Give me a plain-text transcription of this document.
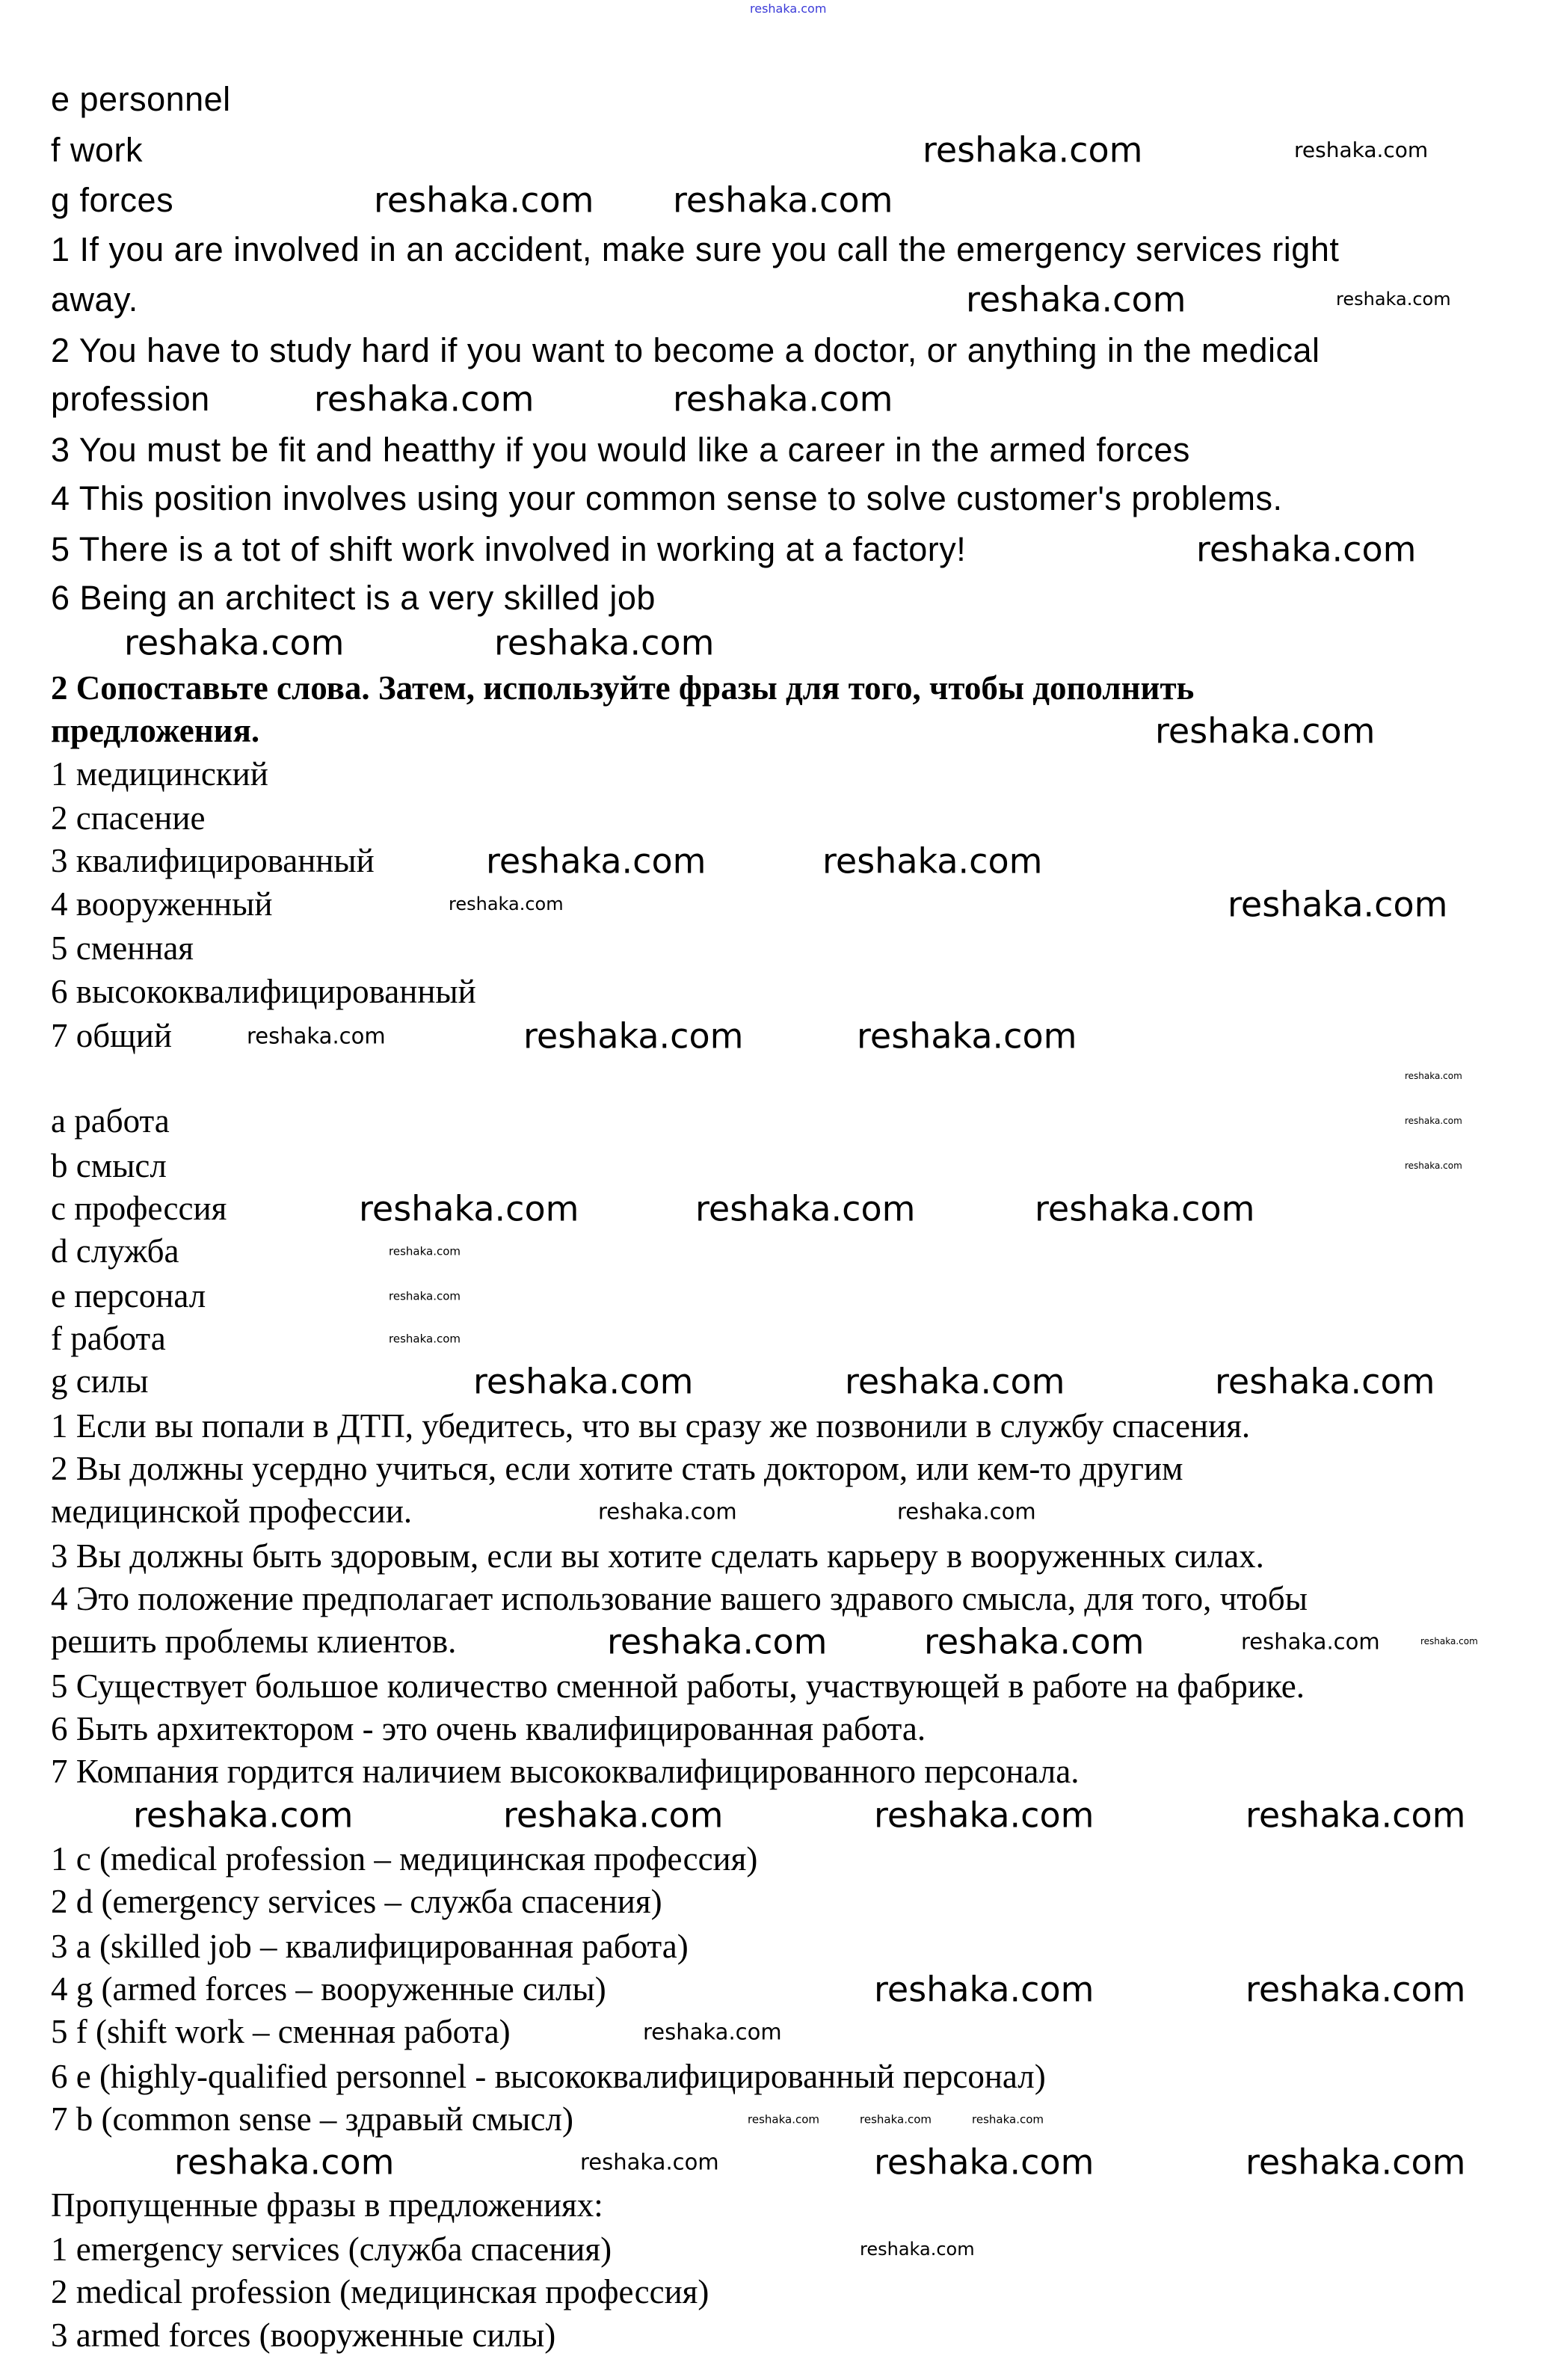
e personnel
f work
g forces
1 If you are involved in an accident, make sure you call the emergency services right
away.
2 You have to study hard if you want to become a doctor, or anything in the medical
profession
3 You must be fit and heatthy if you would like a career in the armed forces
4 This position involves using your common sense to solve customer's problems.
5 There is a tot of shift work involved in working at a factory!
6 Being an architect is a very skilled job
2 Сопоставьте слова. Затем, используйте фразы для того, чтобы дополнить
предложения.
1 медицинский
2 спасение
3 квалифицированный
4 вооруженный
5 сменная
6 высококвалифицированный
7 общий
a работа
b смысл
c профессия
d служба
e персонал
f работа
g силы
1 Если вы попали в ДТП, убедитесь, что вы сразу же позвонили в службу спасения.
2 Вы должны усердно учиться, если хотите стать доктором, или кем-то другим
медицинской профессии.
3 Вы должны быть здоровым, если вы хотите сделать карьеру в вооруженных силах.
4 Это положение предполагает использование вашего здравого смысла, для того, чтобы
решить проблемы клиентов.
5 Существует большое количество сменной работы, участвующей в работе на фабрике.
6 Быть архитектором - это очень квалифицированная работа.
7 Компания гордится наличием высококвалифицированного персонала.
1 c (medical profession – медицинская профессия)
2 d (emergency services – служба спасения)
3 a (skilled job – квалифицированная работа)
4 g (armed forces – вооруженные силы)
5 f (shift work – сменная работа)
6 e (highly-qualified personnel - высококвалифицированный персонал)
7 b (common sense – здравый смысл)
Пропущенные фразы в предложениях:
1 emergency services (служба спасения)
2 medical profession (медицинская профессия)
3 armed forces (вооруженные силы)
reshaka.com
reshaka.com	reshaka.com
reshaka.com reshaka.com
reshaka.com	reshaka.com
reshaka.com	reshaka.com
reshaka.com
reshaka.com	reshaka.com
reshaka.com
reshaka.com	reshaka.com
reshaka.com	reshaka.com
reshaka.com	reshaka.com	reshaka.com
reshaka.com
reshaka.com
reshaka.com
reshaka.com
reshaka.com	reshaka.com	reshaka.com
reshaka.com
reshaka.com
reshaka.com	reshaka.com	reshaka.com
reshaka.com
reshaka.com
reshaka.com
reshaka.com
reshaka.com	reshaka.com
reshaka.com	reshaka.com	reshaka.com	reshaka.com
reshaka.com	reshaka.com	reshaka.com
reshaka.com	reshaka.com
reshaka.com
reshaka.com	reshaka.com	reshaka.com	reshaka.com
reshaka.com
